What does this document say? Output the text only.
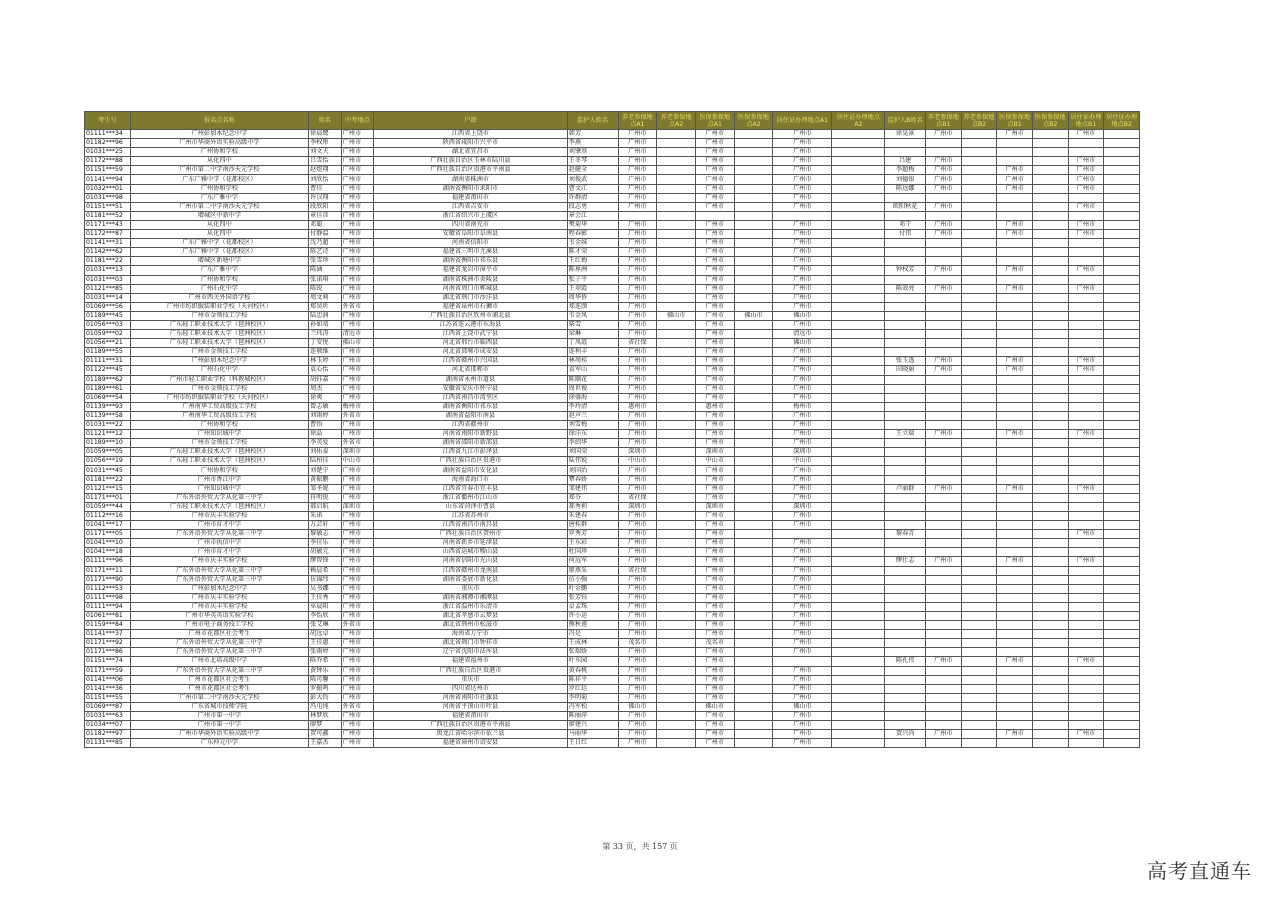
考生号	报名点名称	姓名	中考地点	户籍	监护人姓名	养老参保地点A1	养老参保地点A2	医保参保地点A1	医保参保地点A2	居住证办理地点A1	居住证办理地点A2	监护人B姓名	养老参保地点B1	养老参保地点B2	医保参保地点B1	医保参保地点B2	居住证办理地点B1	居住证办理地点B2
01111***34	广州彭加木纪念中学	徐晨鹭	广州市	江西省上饶市	韩芳	广州市		广州市		广州市		徐晃景	广州市		广州市		广州市	
01182***96	广州市华商外语实验高级中学	李权彤	广州市	陕西省咸阳市兴平市	李燕	广州市		广州市		广州市								
01031***25	广州协和学校	刘文夫	广州市	湖北省宜昌市	刘肇基	广州市		广州市		广州市								
01172***88	从化四中	吕雪怡	广州市	广西壮族自治区玉林市陆川县	王冬琴	广州市		广州市		广州市		吕建	广州市				广州市	
01151***59	广州市第二中学南沙天元学校	赵煜翔	广州市	广西壮族自治区贵港市平南县	赵健全	广州市		广州市		广州市		李超梅	广州市		广州市		广州市	
01141***94	广东广雅中学（花都校区）	刘欣怡	广州市	湖南省株洲市	刘俊武	广州市		广州市		广州市		刘德银	广州市		广州市		广州市	
01032***01	广州协和学校	曹佳	广州市	湖南省衡阳市耒阳市	曹文江	广州市		广州市		广州市		陈远娜	广州市		广州市		广州市	
01031***98	广东广雅中学	许汉翔	广州市	福建省莆田市	许群清	广州市		广州市		广州市								
01151***51	广州市第二中学南沙天元学校	段欣阳	广州市	江西省吉安市	段志勇	广州市		广州市		广州市		欧阳秋花	广州市				广州市	
01181***52	增城区中新中学	章佳彦	广州市	浙江省绍兴市上虞区	章会江													
01171***43	从化四中	邓聪	广州市	四川省南充市	樊菊华	广州市		广州市		广州市		邓干	广州市		广州市		广州市	
01172***87	从化四中	付静温	广州市	安徽省阜阳市阜南县	程春影	广州市		广州市		广州市		付伟	广州市		广州市		广州市	
01141***31	广东广雅中学（花都校区）	沈乃超	广州市	河南省信阳市	韦金妹	广州市		广州市		广州市								
01142***62	广东广雅中学（花都校区）	陈艺诗	广州市	福建省三明市尤溪县	陈才荣	广州市		广州市		广州市								
01181***22	增城区新塘中学	张雪珍	广州市	湖南省衡阳市祁东县	王红梅	广州市		广州市		广州市								
01031***13	广东广雅中学	陈涵	广州市	福建省龙岩市漳平市	陈界洲	广州市		广州市		广州市		钟权芳	广州市		广州市		广州市	
01031***03	广州协和学校	张诺琪	广州市	湖南省株洲市炎陵县	张子平	广州市		广州市		广州市								
01121***85	广州石化中学	陈锐	广州市	河南省周口市郸城县	王翠霞	广州市		广州市		广州市		陈效亮	广州市		广州市		广州市	
01031***14	广州市西关外国语学校	周文莉	广州市	湖北省荆门市沙洋县	周华侨	广州市		广州市		广州市								
01069***56	广州市纺织服装职业学校（天河校区）	郑昊圻	外省市	福建省泉州市石狮市	郑连颂	广州市		广州市		广州市								
01189***45	广州市金领技工学校	陆忠润	广州市	广西壮族自治区钦州市浦北县	韦金凤	广州市	佛山市	广州市	佛山市	佛山市								
01056***03	广东轻工职业技术大学（琶洲校区）	孙如靖	广州市	江苏省连云港市东海县	柴雪	广州市		广州市		广州市								
01059***02	广东轻工职业技术大学（琶洲校区）	兰玮涛	清远市	江西省上饶市武宁县	梁琳	广州市		广州市		清远市								
01056***21	广东轻工职业技术大学（琶洲校区）	丁安悦	佛山市	河北省邢台市临西县	丁凤霞	省社保		广州市		佛山市								
01189***55	广州市金领技工学校	连敬维	广州市	河北省邯郸市成安县	连利丰	广州市		广州市		广州市								
01111***31	广州彭加木纪念中学	林玉婷	广州市	江西省赣州市兴国县	林周桂	广州市		广州市		广州市		张玉透	广州市		广州市		广州市	
01122***45	广州石化中学	袁心怡	广州市	河北省邯郸市	袁军山	广州市		广州市		广州市		田晓丽	广州市		广州市		广州市	
01189***62	广州市轻工职业学校（科教城校区）	胡钰嘉	广州市	湖南省永州市道县	陈顺花	广州市		广州市		广州市								
01189***61	广州市金领技工学校	周杰	广州市	安徽省安庆市怀宁县	周世俊	广州市		广州市		广州市								
01069***54	广州市纺织服装职业学校（天河校区）	徐爽	广州市	江西省南昌市湾里区	徐盛海	广州市		广州市		广州市								
01139***93	广州南华工贸高级技工学校	曾志敏	梅州市	湖南省衡阳市祁东县	李玲清	惠州市		惠州市		梅州市								
01139***58	广州南华工贸高级技工学校	刘雨婷	外省市	湖南省益阳市南县	赵声兰	广州市		广州市		广州市								
01031***22	广州协和学校	曹悟	广州市	江西省赣州市	刘雪梅	广州市		广州市		广州市								
01121***12	广州知识城中学	徐晶	广州市	河南省南阳市新野县	徐洋东	广州市		广州市		广州市		王立瑞	广州市		广州市		广州市	
01189***10	广州市金领技工学校	李英爱	外省市	湖南省邵阳市新邵县	李绍华	广州市		广州市		广州市								
01059***05	广东轻工职业技术大学（琶洲校区）	刘佑泰	深圳市	江西省九江市彭泽县	刘国荣	深圳市		深圳市		深圳市								
01056***19	广东轻工职业技术大学（琶洲校区）	陆柏佳	中山市	广西壮族自治区贵港市	陆伟锐	中山市		中山市		中山市								
01031***45	广州协和学校	刘楚宁	广州市	湖南省益阳市安化县	刘国治	广州市		广州市		广州市								
01181***22	广州市香江中学	黄振鹏	广州市	海南省海口市	覃春娇	广州市		广州市		广州市								
01121***15	广州知识城中学	邹圣妮	广州市	江西省宜春市宜丰县	邹建伟	广州市		广州市		广州市		卢丽群	广州市		广州市		广州市	
01171***01	广东外语外贸大学从化第三中学	符明锐	广州市	浙江省衢州市江山市	郑芬	省社保		广州市		广州市								
01059***44	广东轻工职业技术大学（琶洲校区）	郝启航	深圳市	山东省菏泽市曹县	郝秀莉	深圳市		深圳市		深圳市								
01112***16	广州市庆丰实验学校	朱诺	广州市	江苏省苏州市	朱建春	广州市		广州市		广州市								
01041***17	广州市育才中学	万芸轩	广州市	江西省南昌市南昌县	唐桂群	广州市		广州市		广州市								
01171***05	广东外语外贸大学从化第三中学	黎敏志	广州市	广西壮族自治区贺州市	罗秀芳	广州市		广州市				黎春青					广州市	
01041***10	广州市执信中学	李佳乐	广州市	河南省新乡市延津县	王东彩	广州市		广州市		广州市								
01041***18	广州市育才中学	胡敏元	广州市	山西省运城市稷山县	杜国珍	广州市		广州市		广州市								
01111***96	广州市庆丰实验学校	缪智锋	广州市	河南省信阳市光山县	何远军	广州市		广州市		广州市		缪仕志	广州市		广州市		广州市	
01171***11	广东外语外贸大学从化第三中学	赖晨希	广州市	江西省赣州市龙南县	廖燕采	省社保		广州市		广州市								
01171***90	广东外语外贸大学从化第三中学	伍锦纬	广州市	湖南省娄底市新化县	伍小强	广州市		广州市		广州市								
01112***53	广州彭加木纪念中学	吴书娜	广州市	重庆市	叶金鹏	广州市		广州市		广州市								
01111***98	广州市庆丰实验学校	王佳秀	广州市	湖南省湘潭市湘潭县	张芳钰	广州市		广州市		广州市								
01111***94	广州市庆丰实验学校	巫晨阳	广州市	浙江省温州市乐清市	卓孟珠	广州市		广州市		广州市								
01061***81	广州市华英英语实验学校	李怡欣	广州市	湖北省孝感市云梦县	许小运	广州市		广州市		广州市								
01159***84	广州市电子商务技工学校	张艾琳	外省市	湖北省荆州市松滋市	熊秋莲	广州市		广州市		广州市								
01141***37	广州市花都区社会考生	胡远卓	广州市	海南省万宁市	冯是	广州市		广州市		广州市								
01171***92	广东外语外贸大学从化第三中学	王佳惠	广州市	湖北省荆门市钟祥市	王成林	茂名市		茂名市		广州市								
01171***86	广东外语外贸大学从化第三中学	张雨婷	广州市	辽宁省沈阳市法库县	张瑞娇	广州市		广州市		广州市								
01151***74	广州市北培高级中学	陈乔希	广州市	福建省福州市	叶东园	广州市		广州市				陈孔伟	广州市		广州市		广州市	
01171***59	广东外语外贸大学从化第三中学	黄钟乐	广州市	广西壮族自治区贵港市	黄春桃	广州市		广州市		广州市								
01141***06	广州市花都区社会考生	陈可馨	广州市	重庆市	陈祥平	广州市		广州市		广州市								
01141***36	广州市花都区社会考生	罗振鸣	广州市	四川省达州市	罗红廷	广州市		广州市		广州市								
01151***55	广州市第二中学南沙天元学校	彭大钧	广州市	河南省南阳市社旗县	李明菊	广州市		广州市		广州市								
01069***87	广东省城市技师学院	冯屯纯	外省市	河南省平顶山市叶县	冯军松	佛山市		佛山市		佛山市								
01031***63	广州市第一中学	林梦欣	广州市	福建省莆田市	陈丽萍	广州市		广州市		广州市								
01034***07	广州市第一中学	廖梦	广州市	广西壮族自治区贵港市平南县	廖建兴	广州市		广州市		广州市								
01182***97	广州市华商外语实验高级中学	贺可鑫	广州市	黑龙江省哈尔滨市依兰县	马丽华	广州市		广州市		广州市		贺兴尚	广州市		广州市		广州市	
01131***85	广东仲元中学	王嘉杰	广州市	福建省漳州市诏安县	王日红	广州市		广州市		广州市								
第 33 页，共 157 页
高考直通车
